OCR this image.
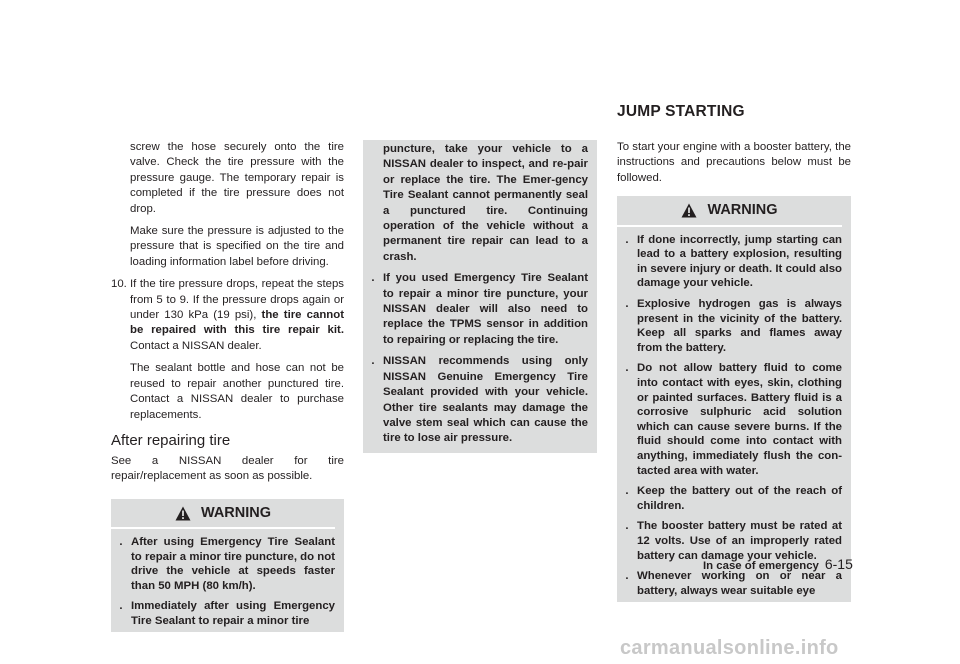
screw the hose securely onto the tire valve. Check the tire pressure with the pressure gauge. The temporary repair is completed if the tire pressure does not drop.

Make sure the pressure is adjusted to the pressure that is specified on the tire and loading information label before driving.

10. If the tire pressure drops, repeat the steps from 5 to 9. If the pressure drops again or under 130 kPa (19 psi), the tire cannot be repaired with this tire repair kit. Contact a NISSAN dealer.

The sealant bottle and hose can not be reused to repair another punctured tire. Contact a NISSAN dealer to purchase replacements.

After repairing tire

See a NISSAN dealer for tire repair/replacement as soon as possible.

WARNING
. After using Emergency Tire Sealant to repair a minor tire puncture, do not drive the vehicle at speeds faster than 50 MPH (80 km/h).
. Immediately after using Emergency Tire Sealant to repair a minor tire
puncture, take your vehicle to a NISSAN dealer to inspect, and re-pair or replace the tire. The Emer-gency Tire Sealant cannot permanently seal a punctured tire. Continuing operation of the vehicle without a permanent tire repair can lead to a crash.
. If you used Emergency Tire Sealant to repair a minor tire puncture, your NISSAN dealer will also need to replace the TPMS sensor in addition to repairing or replacing the tire.
. NISSAN recommends using only NISSAN Genuine Emergency Tire Sealant provided with your vehicle. Other tire sealants may damage the valve stem seal which can cause the tire to lose air pressure.
JUMP STARTING

To start your engine with a booster battery, the instructions and precautions below must be followed.

WARNING
. If done incorrectly, jump starting can lead to a battery explosion, resulting in severe injury or death. It could also damage your vehicle.
. Explosive hydrogen gas is always present in the vicinity of the battery. Keep all sparks and flames away from the battery.
. Do not allow battery fluid to come into contact with eyes, skin, clothing or painted surfaces. Battery fluid is a corrosive sulphuric acid solution which can cause severe burns. If the fluid should come into contact with anything, immediately flush the con-tacted area with water.
. Keep the battery out of the reach of children.
. The booster battery must be rated at 12 volts. Use of an improperly rated battery can damage your vehicle.
. Whenever working on or near a battery, always wear suitable eye
In case of emergency 6-15
carmanualsonline.info
